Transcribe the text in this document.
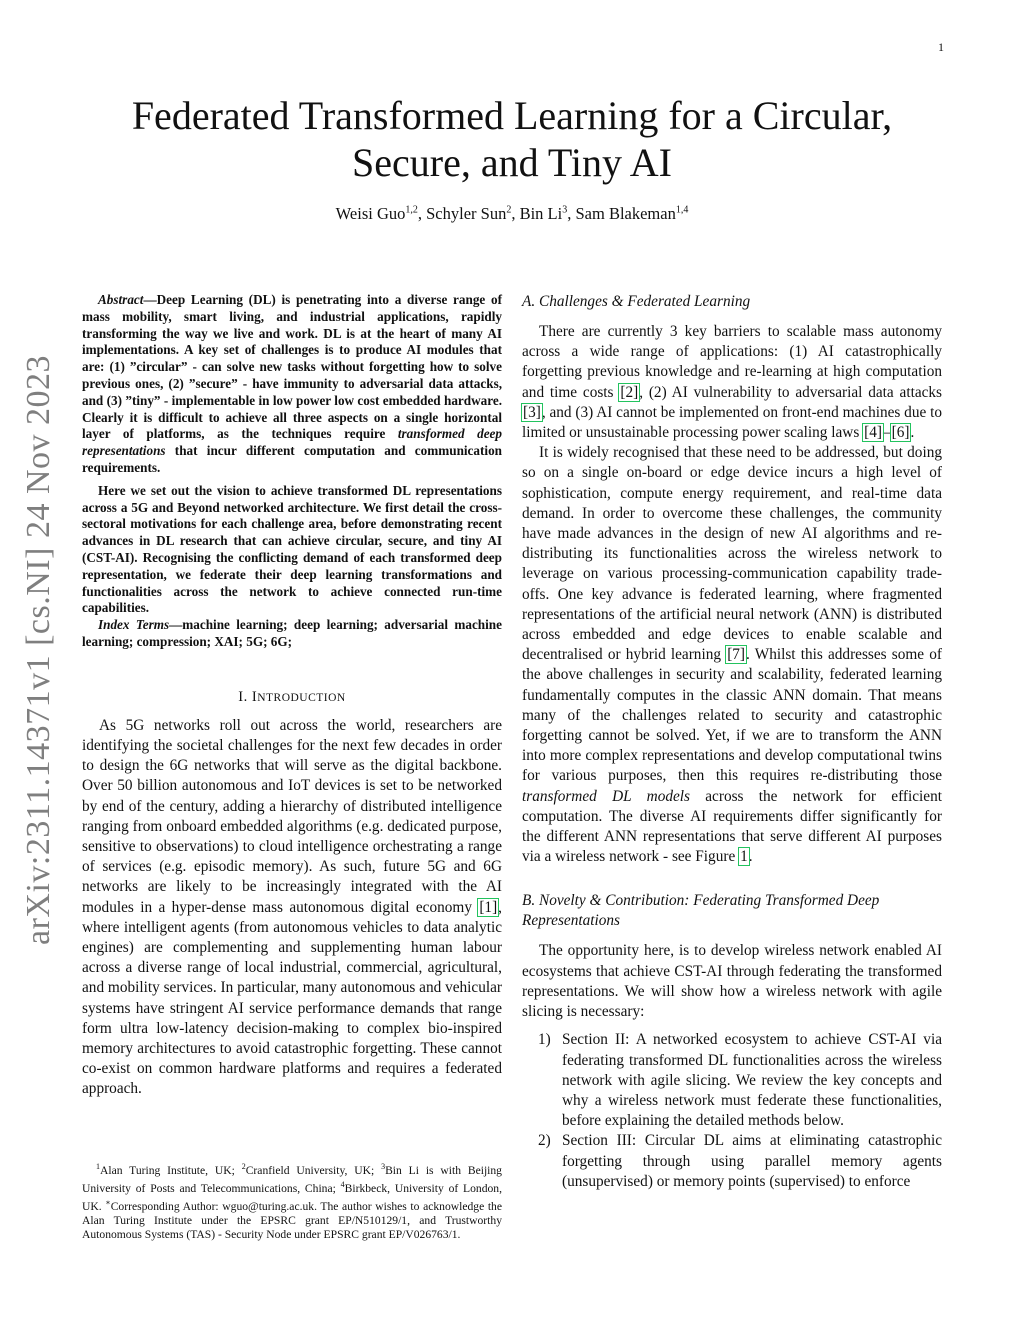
1
arXiv:2311.14371v1 [cs.NI] 24 Nov 2023
Federated Transformed Learning for a Circular, Secure, and Tiny AI
Weisi Guo$^{1,2}$, Schyler Sun$^2$, Bin Li$^3$, Sam Blakeman$^{1,4}$

Abstract—Deep Learning (DL) is penetrating into a diverse range of mass mobility, smart living, and industrial applications, rapidly transforming the way we live and work. DL is at the heart of many AI implementations. A key set of challenges is to produce AI modules that are: (1) ”circular” - can solve new tasks without forgetting how to solve previous ones, (2) ”secure” - have immunity to adversarial data attacks, and (3) ”tiny” - implementable in low power low cost embedded hardware. Clearly it is difficult to achieve all three aspects on a single horizontal layer of platforms, as the techniques require transformed deep representations that incur different computation and communication requirements.

Here we set out the vision to achieve transformed DL representations across a 5G and Beyond networked architecture. We first detail the cross-sectoral motivations for each challenge area, before demonstrating recent advances in DL research that can achieve circular, secure, and tiny AI (CST-AI). Recognising the conflicting demand of each transformed deep representation, we federate their deep learning transformations and functionalities across the network to achieve connected run-time capabilities.

Index Terms—machine learning; deep learning; adversarial machine learning; compression; XAI; 5G; 6G;

I. INTRODUCTION

As 5G networks roll out across the world, researchers are identifying the societal challenges for the next few decades in order to design the 6G networks that will serve as the digital backbone. Over 50 billion autonomous and IoT devices is set to be networked by end of the century, adding a hierarchy of distributed intelligence ranging from onboard embedded algorithms (e.g. dedicated purpose, sensitive to observations) to cloud intelligence orchestrating a range of services (e.g. episodic memory). As such, future 5G and 6G networks are likely to be increasingly integrated with the AI modules in a hyper-dense mass autonomous digital economy [1], where intelligent agents (from autonomous vehicles to data analytic engines) are complementing and supplementing human labour across a diverse range of local industrial, commercial, agricultural, and mobility services. In particular, many autonomous and vehicular systems have stringent AI service performance demands that range form ultra low-latency decision-making to complex bio-inspired memory architectures to avoid catastrophic forgetting. These cannot co-exist on common hardware platforms and requires a federated approach.

$^1$Alan Turing Institute, UK; $^2$Cranfield University, UK; $^3$Bin Li is with Beijing University of Posts and Telecommunications, China; $^4$Birkbeck, University of London, UK. ∗Corresponding Author: wguo@turing.ac.uk. The author wishes to acknowledge the Alan Turing Institute under the EPSRC grant EP/N510129/1, and Trustworthy Autonomous Systems (TAS) - Security Node under EPSRC grant EP/V026763/1.
A. Challenges & Federated Learning

There are currently 3 key barriers to scalable mass autonomy across a wide range of applications: (1) AI catastrophically forgetting previous knowledge and re-learning at high computation and time costs [2], (2) AI vulnerability to adversarial data attacks [3], and (3) AI cannot be implemented on front-end machines due to limited or unsustainable processing power scaling laws [4]–[6].

It is widely recognised that these need to be addressed, but doing so on a single on-board or edge device incurs a high level of sophistication, compute energy requirement, and real-time data demand. In order to overcome these challenges, the community have made advances in the design of new AI algorithms and re-distributing its functionalities across the wireless network to leverage on various processing-communication capability trade-offs. One key advance is federated learning, where fragmented representations of the artificial neural network (ANN) is distributed across embedded and edge devices to enable scalable and decentralised or hybrid learning [7]. Whilst this addresses some of the above challenges in security and scalability, federated learning fundamentally computes in the classic ANN domain. That means many of the challenges related to security and catastrophic forgetting cannot be solved. Yet, if we are to transform the ANN into more complex representations and develop computational twins for various purposes, then this requires re-distributing those transformed DL models across the network for efficient computation. The diverse AI requirements differ significantly for the different ANN representations that serve different AI purposes via a wireless network - see Figure 1.

B. Novelty & Contribution: Federating Transformed Deep Representations

The opportunity here, is to develop wireless network enabled AI ecosystems that achieve CST-AI through federating the transformed representations. We will show how a wireless network with agile slicing is necessary:

1) Section II: A networked ecosystem to achieve CST-AI via federating transformed DL functionalities across the wireless network with agile slicing. We review the key concepts and why a wireless network must federate these functionalities, before explaining the detailed methods below.
2) Section III: Circular DL aims at eliminating catastrophic forgetting through using parallel memory agents (unsupervised) or memory points (supervised) to enforce
